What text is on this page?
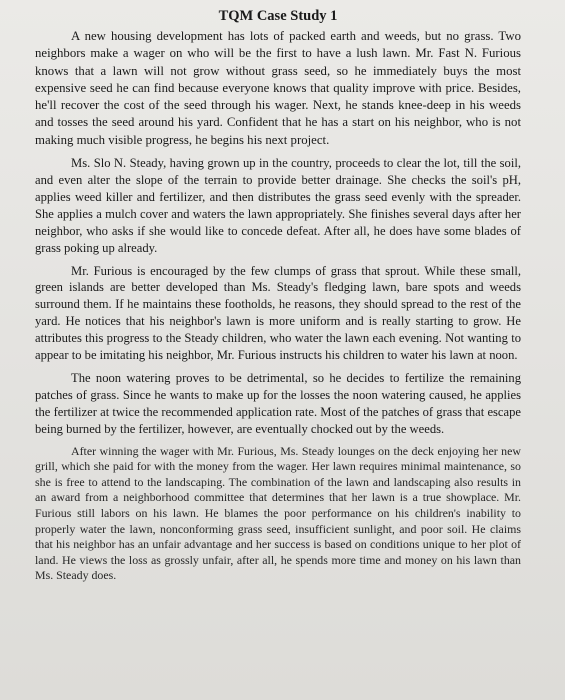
TQM Case Study 1

A new housing development has lots of packed earth and weeds, but no grass. Two neighbors make a wager on who will be the first to have a lush lawn. Mr. Fast N. Furious knows that a lawn will not grow without grass seed, so he immediately buys the most expensive seed he can find because everyone knows that quality improve with price. Besides, he'll recover the cost of the seed through his wager. Next, he stands knee-deep in his weeds and tosses the seed around his yard. Confident that he has a start on his neighbor, who is not making much visible progress, he begins his next project.

Ms. Slo N. Steady, having grown up in the country, proceeds to clear the lot, till the soil, and even alter the slope of the terrain to provide better drainage. She checks the soil's pH, applies weed killer and fertilizer, and then distributes the grass seed evenly with the spreader. She applies a mulch cover and waters the lawn appropriately. She finishes several days after her neighbor, who asks if she would like to concede defeat. After all, he does have some blades of grass poking up already.

Mr. Furious is encouraged by the few clumps of grass that sprout. While these small, green islands are better developed than Ms. Steady's fledging lawn, bare spots and weeds surround them. If he maintains these footholds, he reasons, they should spread to the rest of the yard. He notices that his neighbor's lawn is more uniform and is really starting to grow. He attributes this progress to the Steady children, who water the lawn each evening. Not wanting to appear to be imitating his neighbor, Mr. Furious instructs his children to water his lawn at noon.

The noon watering proves to be detrimental, so he decides to fertilize the remaining patches of grass. Since he wants to make up for the losses the noon watering caused, he applies the fertilizer at twice the recommended application rate. Most of the patches of grass that escape being burned by the fertilizer, however, are eventually chocked out by the weeds.

After winning the wager with Mr. Furious, Ms. Steady lounges on the deck enjoying her new grill, which she paid for with the money from the wager. Her lawn requires minimal maintenance, so she is free to attend to the landscaping. The combination of the lawn and landscaping also results in an award from a neighborhood committee that determines that her lawn is a true showplace. Mr. Furious still labors on his lawn. He blames the poor performance on his children's inability to properly water the lawn, nonconforming grass seed, insufficient sunlight, and poor soil. He claims that his neighbor has an unfair advantage and her success is based on conditions unique to her plot of land. He views the loss as grossly unfair, after all, he spends more time and money on his lawn than Ms. Steady does.
